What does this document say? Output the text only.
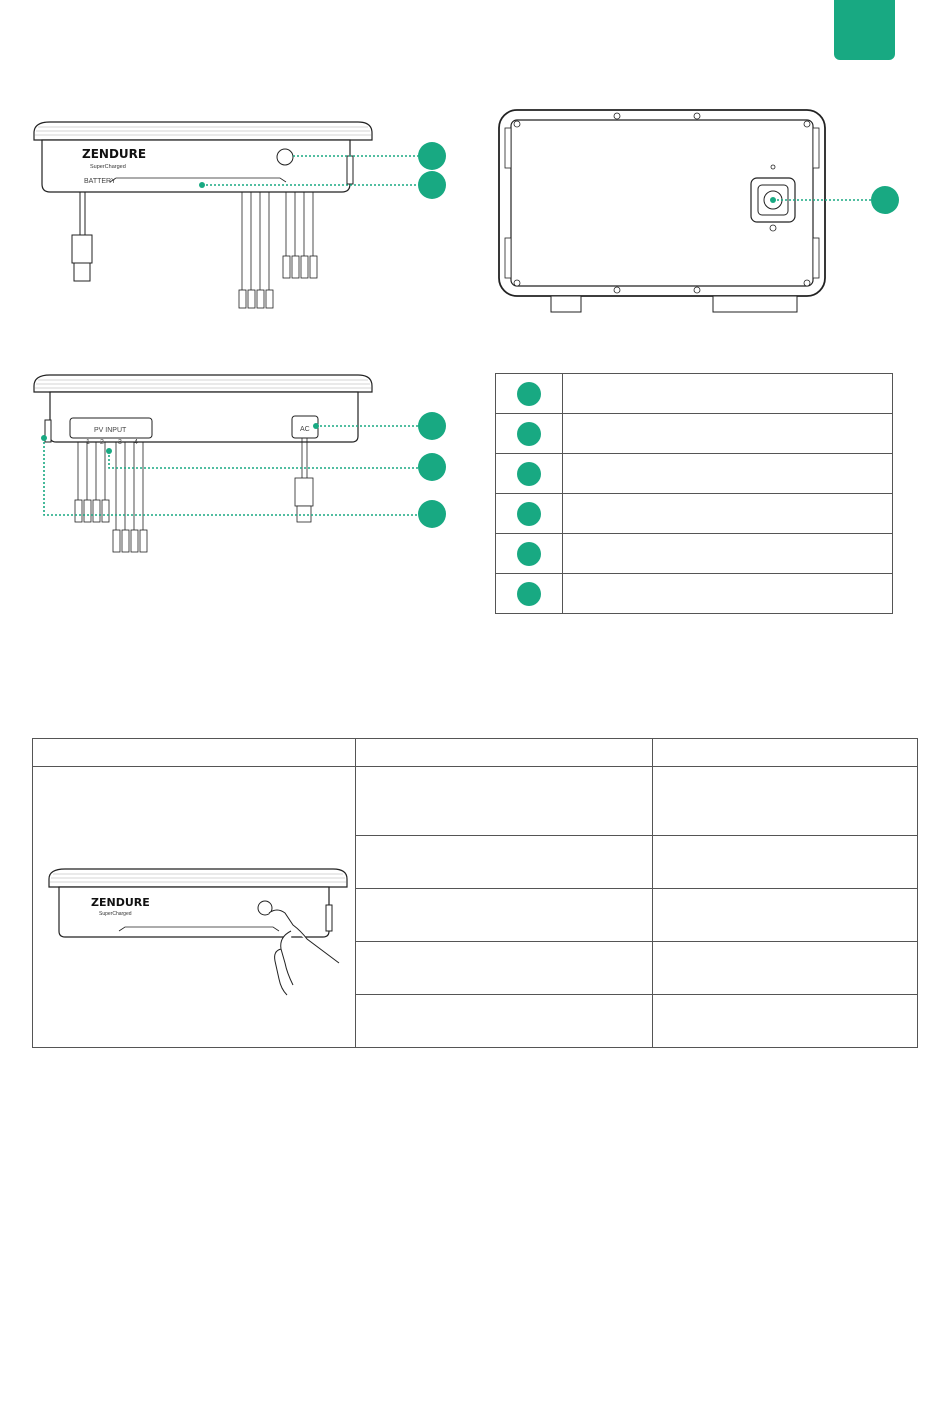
ZENDURE
SuperCharged
BATTERY
PV INPUT	AC
1 2 3 4

ZENDURE
SuperCharged		
